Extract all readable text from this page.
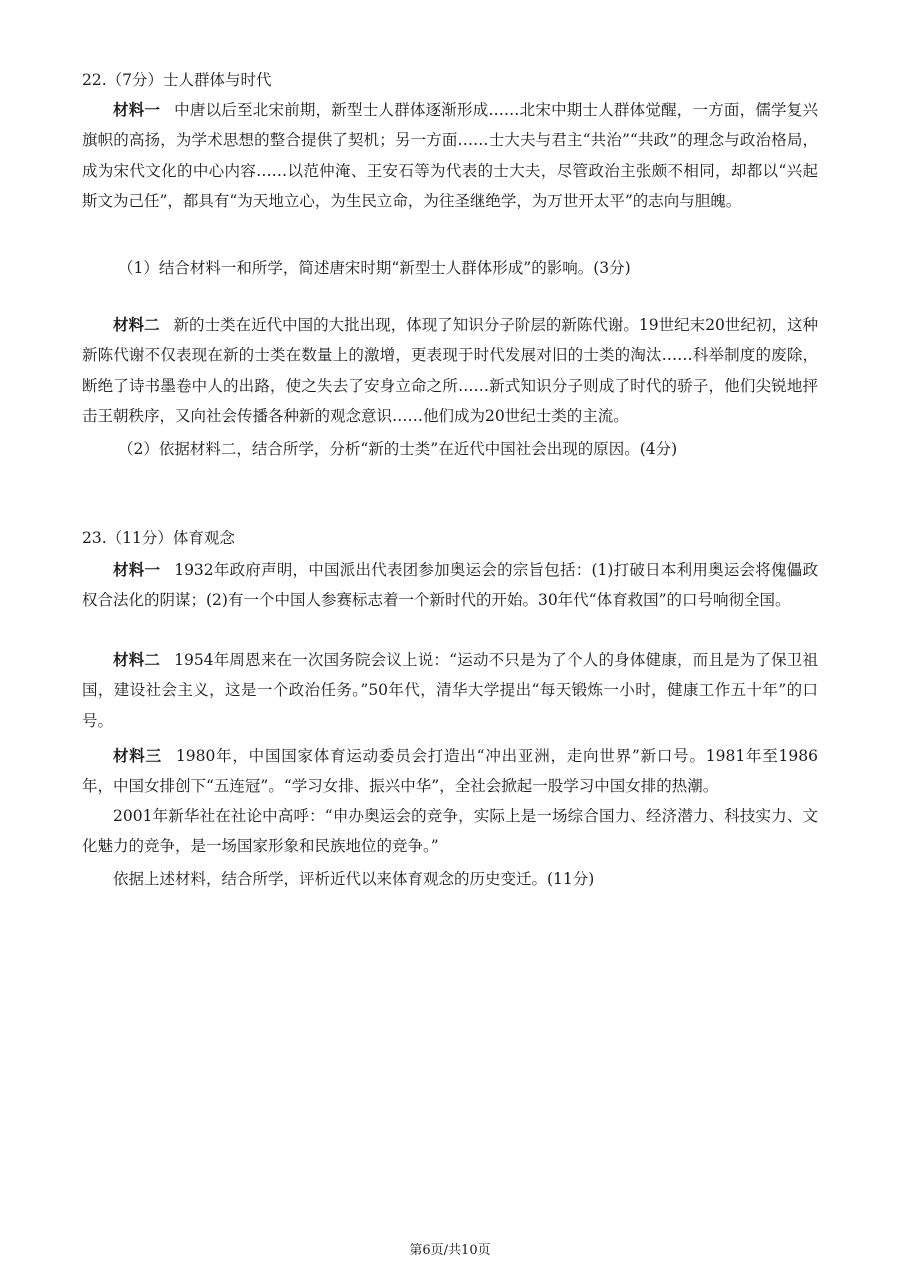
22.（7分）士人群体与时代
材料一 中唐以后至北宋前期，新型士人群体逐渐形成……北宋中期士人群体觉醒，一方面，儒学复兴旗帜的高扬，为学术思想的整合提供了契机；另一方面……士大夫与君主“共治”“共政”的理念与政治格局，成为宋代文化的中心内容……以范仲淹、王安石等为代表的士大夫，尽管政治主张颇不相同，却都以“兴起斯文为己任”，都具有“为天地立心，为生民立命，为往圣继绝学，为万世开太平”的志向与胆魄。
（1）结合材料一和所学，简述唐宋时期“新型士人群体形成”的影响。(3分)
材料二 新的士类在近代中国的大批出现，体现了知识分子阶层的新陈代谢。19世纪末20世纪初，这种新陈代谢不仅表现在新的士类在数量上的激增，更表现于时代发展对旧的士类的淘汰……科举制度的废除，断绝了诗书墨卷中人的出路，使之失去了安身立命之所……新式知识分子则成了时代的骄子，他们尖锐地抨击王朝秩序，又向社会传播各种新的观念意识……他们成为20世纪士类的主流。
（2）依据材料二，结合所学，分析“新的士类”在近代中国社会出现的原因。(4分)
23.（11分）体育观念
材料一 1932年政府声明，中国派出代表团参加奥运会的宗旨包括：(1)打破日本利用奥运会将傀儡政权合法化的阴谋；(2)有一个中国人参赛标志着一个新时代的开始。30年代“体育救国”的口号响彻全国。
材料二 1954年周恩来在一次国务院会议上说：“运动不只是为了个人的身体健康，而且是为了保卫祖国，建设社会主义，这是一个政治任务。”50年代，清华大学提出“每天锻炼一小时，健康工作五十年”的口号。
材料三 1980年，中国国家体育运动委员会打造出“冲出亚洲，走向世界”新口号。1981年至1986年，中国女排创下“五连冠”。“学习女排、振兴中华”，全社会掀起一股学习中国女排的热潮。
2001年新华社在社论中高呼：“申办奥运会的竞争，实际上是一场综合国力、经济潜力、科技实力、文化魅力的竞争，是一场国家形象和民族地位的竞争。”
依据上述材料，结合所学，评析近代以来体育观念的历史变迁。(11分)
第6页/共10页
